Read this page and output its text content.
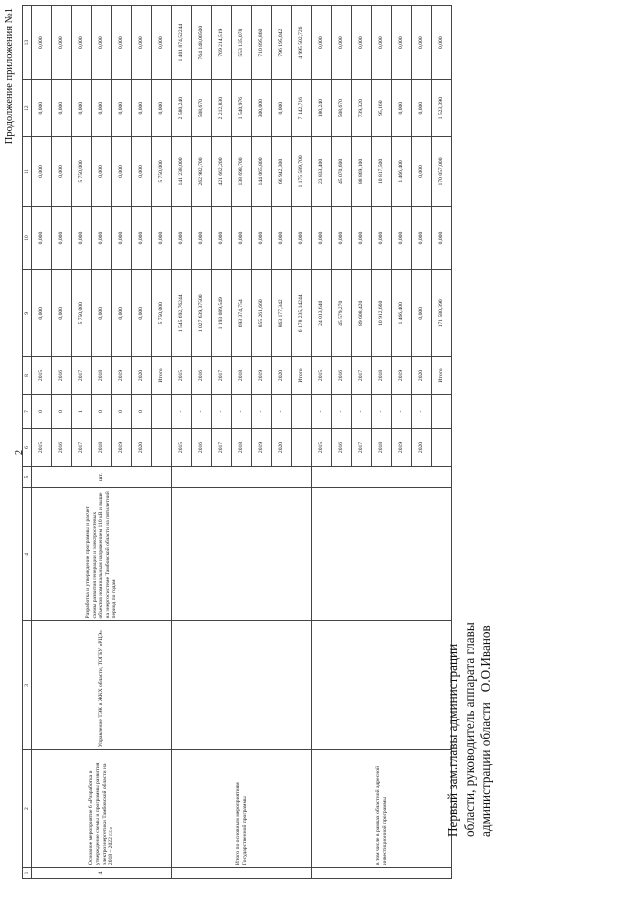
Продолжение приложения №1
2
1	2	3	4	5	6	7	8	9	10	11	12	13
4	Основное мероприятие 6 «Разработка и утверждение схемы и программы развития электроэнергетики Тамбовской области на 2018 – 2022 г.г.»	Управление ТЭК и ЖКХ области, ТОГБУ «РЦЭ»	Разработка и утверждение программы и расчет схемы развития генерации и электросетевых объектов номинальным напряжением 110 кВ и выше на энергосистеме Тамбовской области на пятилетний период по годам	шт.	2015	0	2015	0,000	0,000	0,000	0,000	0,000
					2016	0	2016	0,000	0,000	0,000	0,000	0,000
					2017	1	2017	5 750,000	0,000	5 750,000	0,000	0,000
					2018	0	2018	0,000	0,000	0,000	0,000	0,000
					2019	0	2019	0,000	0,000	0,000	0,000	0,000
					2020	0	2020	0,000	0,000	0,000	0,000	0,000
							Итого	5 750,000	0,000	5 750,000	0,000	0,000
	Итого по основным мероприятиям Государственной программы				2015	-	2015	1 545 692,76244	0,000	141 238,000	2 580,240	1 401 874,52244
					2016	-	2016	1 027 639,37500	0,000	262 982,700	508,670	764 148,00500
					2017	-	2017	1 193 089,549	0,000	421 662,200	2 212,830	769 214,519
					2018	-	2018	693 374,754	0,000	138 698,700	1 540,976	553 135,078
					2019	-	2019	855 261,660	0,000	144 065,800	300,000	710 895,860
					2020	-	2020	863 177,342	0,000	66 942,300	0,000	796 195,042
							Итого	6 178 235,14244	0,000	1 175 589,700	7 142,716	4 995 502,726
	в том числе в рамках областной адресной инвестиционной программы				2015	-	2015	24 013,640	0,000	23 833,400	180,240	0,000
					2016	-	2016	45 579,270	0,000	45 070,600	508,670	0,000
					2017	-	2017	89 608,420	0,000	88 869,100	739,320	0,000
					2018	-	2018	10 912,660	0,000	10 817,500	95,160	0,000
					2019	-	2019	1 466,400	0,000	1 466,400	0,000	0,000
					2020	-	2020	0,000	0,000	0,000	0,000	0,000
							Итого	171 580,390	0,000	170 057,000	1 523,390	0,000
Первый зам.главы администрации области, руководитель аппарата главы администрации области   О.О.Иванов
